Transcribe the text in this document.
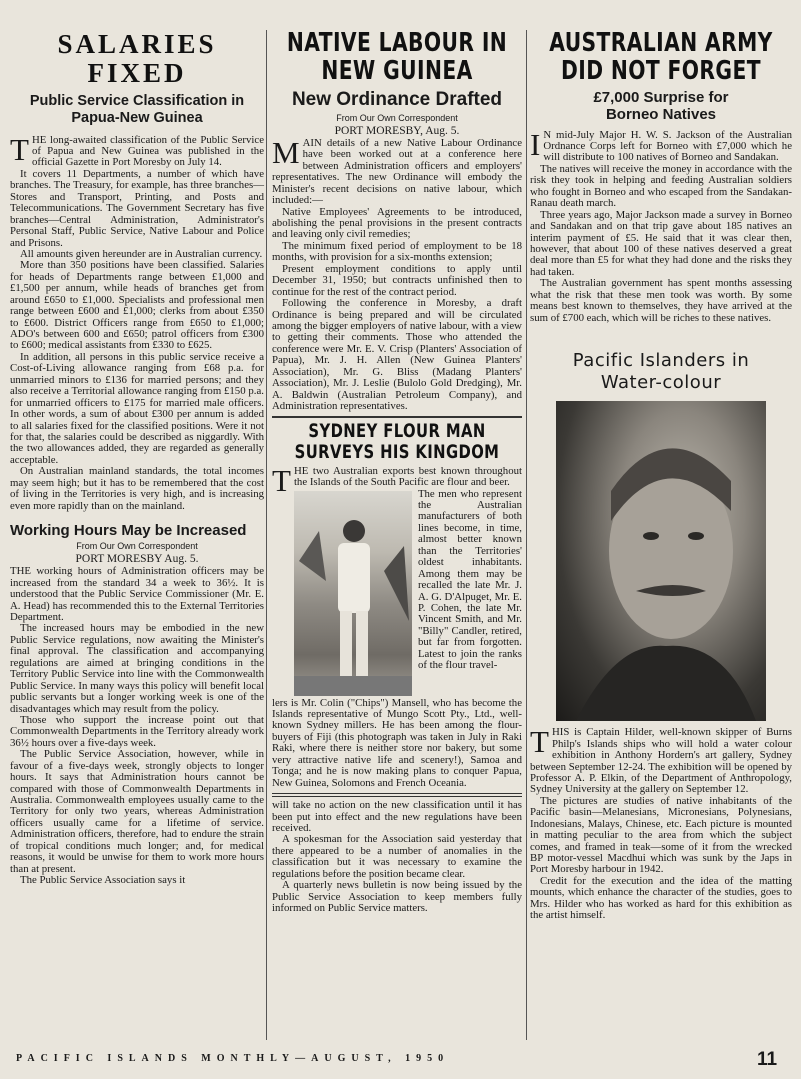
SALARIES FIXED
Public Service Classification in Papua-New Guinea

THE long-awaited classification of the Public Service of Papua and New Guinea was published in the official Gazette in Port Moresby on July 14.

It covers 11 Departments, a number of which have branches. The Treasury, for example, has three branches—Stores and Transport, Printing, and Posts and Telecommunications. The Government Secretary has five branches—Central Administration, Administrator's Personal Staff, Public Service, Native Labour and Police and Prisons.

All amounts given hereunder are in Australian currency.

More than 350 positions have been classified. Salaries for heads of Departments range between £1,000 and £1,500 per annum, while heads of branches get from around £650 to £1,000. Specialists and professional men range between £600 and £1,000; clerks from about £350 to £600. District Officers range from £650 to £1,000; ADO's between 600 and £650; patrol officers from £300 to £600; medical assistants from £330 to £625.

In addition, all persons in this public service receive a Cost-of-Living allowance ranging from £68 p.a. for unmarried minors to £136 for married persons; and they also receive a Territorial allowance ranging from £150 p.a. for unmarried officers to £175 for married male officers. In other words, a sum of about £300 per annum is added to all salaries fixed for the classified positions. Were it not for that, the salaries could be described as niggardly. With the two allowances added, they are regarded as generally acceptable.

On Australian mainland standards, the total incomes may seem high; but it has to be remembered that the cost of living in the Territories is very high, and is increasing even more rapidly than on the mainland.

Working Hours May be Increased
From Our Own Correspondent
PORT MORESBY Aug. 5.

THE working hours of Administration officers may be increased from the standard 34 a week to 36½. It is understood that the Public Service Commissioner (Mr. E. A. Head) has recommended this to the External Territories Department.

The increased hours may be embodied in the new Public Service regulations, now awaiting the Minister's final approval. The classification and accompanying regulations are aimed at bringing conditions in the Territory Public Service into line with the Commonwealth Public Service. In many ways this policy will benefit local public servants but a longer working week is one of the disadvantages which may result from the policy.

Those who support the increase point out that Commonwealth Departments in the Territory already work 36½ hours over a five-days week.

The Public Service Association, however, while in favour of a five-days week, strongly objects to longer hours. It says that Administration hours cannot be compared with those of Commonwealth Departments in Australia. Commonwealth employees usually came to the Territory for only two years, whereas Administration officers usually came for a lifetime of service. Administration officers, therefore, had to endure the strain of tropical conditions much longer; and, for medical reasons, it would be unwise for them to work more hours than at present.

The Public Service Association says it

NATIVE LABOUR IN NEW GUINEA
New Ordinance Drafted
From Our Own Correspondent
PORT MORESBY, Aug. 5.

MAIN details of a new Native Labour Ordinance have been worked out at a conference here between Administration officers and employers' representatives. The new Ordinance will embody the Minister's recent decisions on native labour, which included:—

Native Employees' Agreements to be introduced, abolishing the penal provisions in the present contracts and leaving only civil remedies;

The minimum fixed period of employment to be 18 months, with provision for a six-months extension;

Present employment conditions to apply until December 31, 1950; but contracts unfinished then to continue for the rest of the contract period.

Following the conference in Moresby, a draft Ordinance is being prepared and will be circulated among the bigger employers of native labour, with a view to getting their comments. Those who attended the conference were Mr. E. V. Crisp (Planters' Association of Papua), Mr. J. H. Allen (New Guinea Planters' Association), Mr. G. Bliss (Madang Planters' Association), Mr. J. Leslie (Bulolo Gold Dredging), Mr. A. Baldwin (Australian Petroleum Company), and Administration representatives.

SYDNEY FLOUR MAN SURVEYS HIS KINGDOM

THE two Australian exports best known throughout the Islands of the South Pacific are flour and beer.

The men who represent the Australian manufacturers of both lines become, in time, almost better known than the Territories' oldest inhabitants. Among them may be recalled the late Mr. J. A. G. D'Alpuget, Mr. E. P. Cohen, the late Mr. Vincent Smith, and Mr. "Billy" Candler, retired, but far from forgotten. Latest to join the ranks of the flour travel-

lers is Mr. Colin ("Chips") Mansell, who has become the Islands representative of Mungo Scott Pty., Ltd., well-known Sydney millers. He has been among the flour-buyers of Fiji (this photograph was taken in July in Raki Raki, where there is neither store nor bakery, but some very attractive native life and scenery!), Samoa and Tonga; and he is now making plans to conquer Papua, New Guinea, Solomons and French Oceania.

will take no action on the new classification until it has been put into effect and the new regulations have been received.

A spokesman for the Association said yesterday that there appeared to be a number of anomalies in the classification but it was necessary to examine the regulations before the position became clear.

A quarterly news bulletin is now being issued by the Public Service Association to keep members fully informed on Public Service matters.

AUSTRALIAN ARMY DID NOT FORGET
£7,000 Surprise for Borneo Natives

I N mid-July Major H. W. S. Jackson of the Australian Ordnance Corps left for Borneo with £7,000 which he will distribute to 100 natives of Borneo and Sandakan.

The natives will receive the money in accordance with the risk they took in helping and feeding Australian soldiers who fought in Borneo and who escaped from the Sandakan-Ranau death march.

Three years ago, Major Jackson made a survey in Borneo and Sandakan and on that trip gave about 185 natives an interim payment of £5. He said that it was clear then, however, that about 100 of these natives deserved a great deal more than £5 for what they had done and the risks they had taken.

The Australian government has spent months assessing what the risk that these men took was worth. By some means best known to themselves, they have arrived at the sum of £700 each, which will be riches to these natives.

Pacific Islanders in Water-colour

THIS is Captain Hilder, well-known skipper of Burns Philp's Islands ships who will hold a water colour exhibition in Anthony Hordern's art gallery, Sydney between September 12-24. The exhibition will be opened by Professor A. P. Elkin, of the Department of Anthropology, Sydney University at the gallery on September 12.

The pictures are studies of native inhabitants of the Pacific basin—Melanesians, Micronesians, Polynesians, Indonesians, Malays, Chinese, etc. Each picture is mounted in matting peculiar to the area from which the subject comes, and framed in teak—some of it from the wrecked BP motor-vessel Macdhui which was sunk by the Japs in Port Moresby harbour in 1942.

Credit for the execution and the idea of the matting mounts, which enhance the character of the studies, goes to Mrs. Hilder who has worked as hard for this exhibition as the artist himself.

PACIFIC ISLANDS MONTHLY—AUGUST, 1950	11
